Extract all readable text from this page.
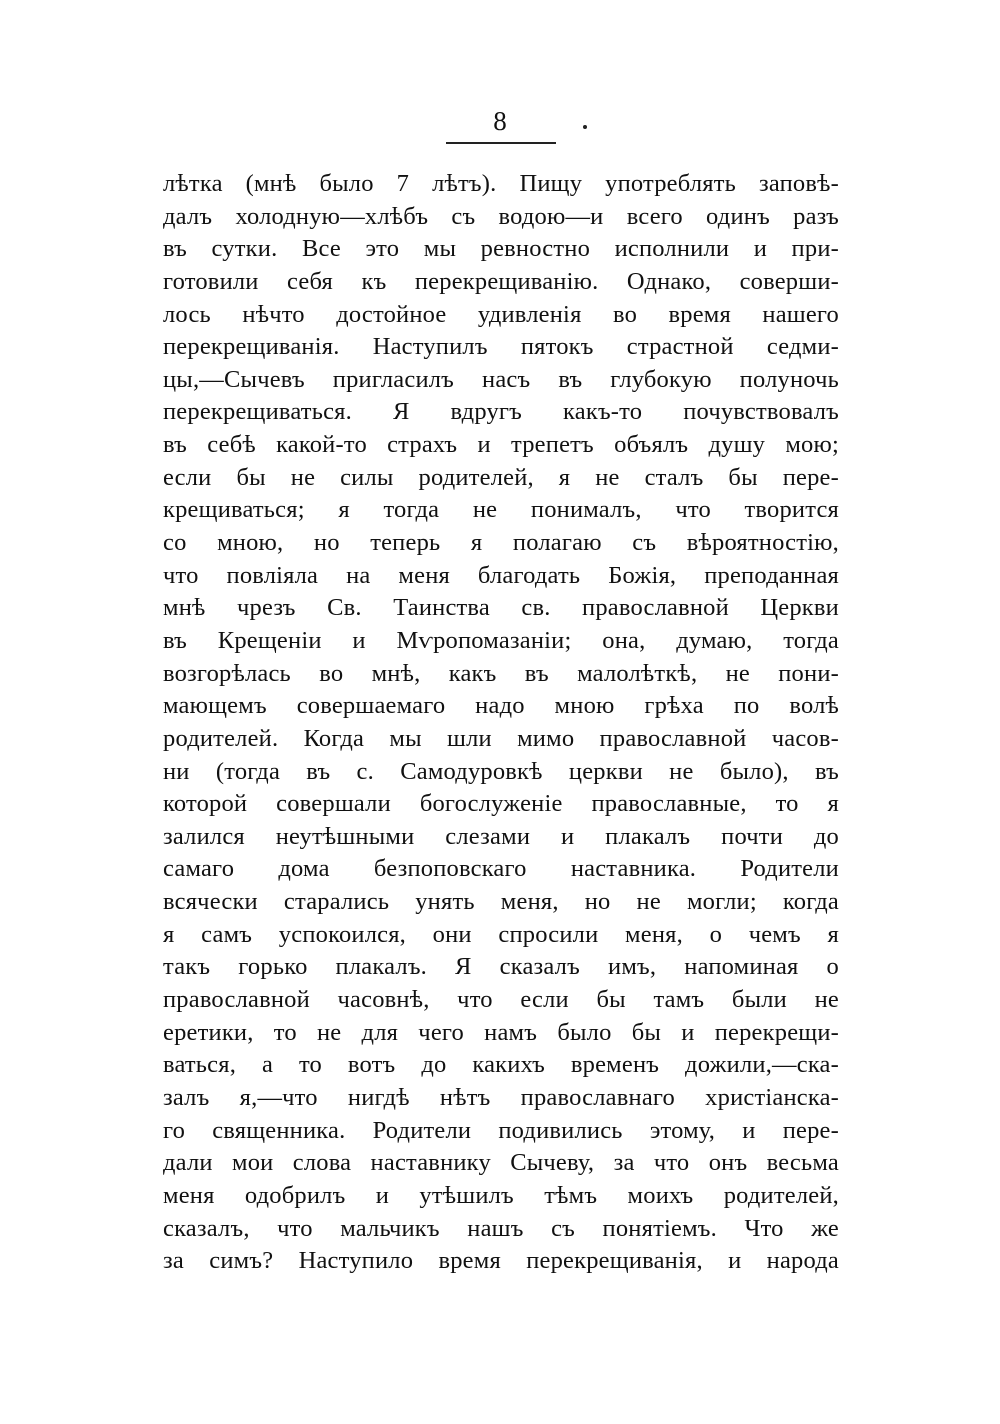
8
лѣтка (мнѣ было 7 лѣтъ). Пищу употреблять заповѣ-
далъ холодную—хлѣбъ съ водою—и всего одинъ разъ
въ сутки. Все это мы ревностно исполнили и при-
готовили себя къ перекрещиванію. Однако, соверши-
лось нѣчто достойное удивленія во время нашего
перекрещиванія. Наступилъ пятокъ страстной седми-
цы,—Сычевъ пригласилъ насъ въ глубокую полуночь
перекрещиваться. Я вдругъ какъ-то почувствовалъ
въ себѣ какой-то страхъ и трепетъ объялъ душу мою;
если бы не силы родителей, я не сталъ бы пере-
крещиваться; я тогда не понималъ, что творится
со мною, но теперь я полагаю съ вѣроятностію,
что повліяла на меня благодать Божія, преподанная
мнѣ чрезъ Св. Таинства св. православной Церкви
въ Крещеніи и Мѵропомазаніи; она, думаю, тогда
возгорѣлась во мнѣ, какъ въ малолѣткѣ, не пони-
мающемъ совершаемаго надо мною грѣха по волѣ
родителей. Когда мы шли мимо православной часов-
ни (тогда въ с. Самодуровкѣ церкви не было), въ
которой совершали богослуженіе православные, то я
залился неутѣшными слезами и плакалъ почти до
самаго дома безпоповскаго наставника. Родители
всячески старались унять меня, но не могли; когда
я самъ успокоился, они спросили меня, о чемъ я
такъ горько плакалъ. Я сказалъ имъ, напоминая о
православной часовнѣ, что если бы тамъ были не
еретики, то не для чего намъ было бы и перекрещи-
ваться, а то вотъ до какихъ временъ дожили,—ска-
залъ я,—что нигдѣ нѣтъ православнаго христіанска-
го священника. Родители подивились этому, и пере-
дали мои слова наставнику Сычеву, за что онъ весьма
меня одобрилъ и утѣшилъ тѣмъ моихъ родителей,
сказалъ, что мальчикъ нашъ съ понятіемъ. Что же
за симъ? Наступило время перекрещиванія, и народа
